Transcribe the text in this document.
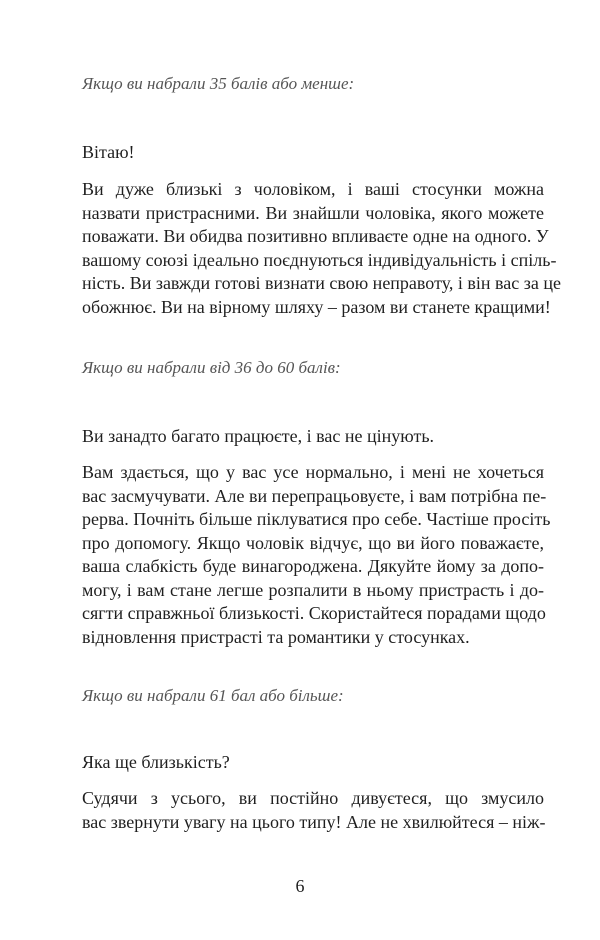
Якщо ви набрали 35 балів або менше:

Вітаю!

Ви дуже близькі з чоловіком, і ваші стосунки можна
назвати пристрасними. Ви знайшли чоловіка, якого можете
поважати. Ви обидва позитивно впливаєте одне на одного. У
вашому союзі ідеально поєднуються індивідуальність і спіль-
ність. Ви завжди готові визнати свою неправоту, і він вас за це
обожнює. Ви на вірному шляху – разом ви станете кращими!

Якщо ви набрали від 36 до 60 балів:

Ви занадто багато працюєте, і вас не цінують.

Вам здається, що у вас усе нормально, і мені не хочеться
вас засмучувати. Але ви перепрацьовуєте, і вам потрібна пе-
рерва. Почніть більше піклуватися про себе. Частіше просіть
про допомогу. Якщо чоловік відчує, що ви його поважаєте,
ваша слабкість буде винагороджена. Дякуйте йому за допо-
могу, і вам стане легше розпалити в ньому пристрасть і до-
сягти справжньої близькості. Скористайтеся порадами щодо
відновлення пристрасті та романтики у стосунках.

Якщо ви набрали 61 бал або більше:

Яка ще близькість?

Судячи з усього, ви постійно дивуєтеся, що змусило
вас звернути увагу на цього типу! Але не хвилюйтеся – ніж-
6
